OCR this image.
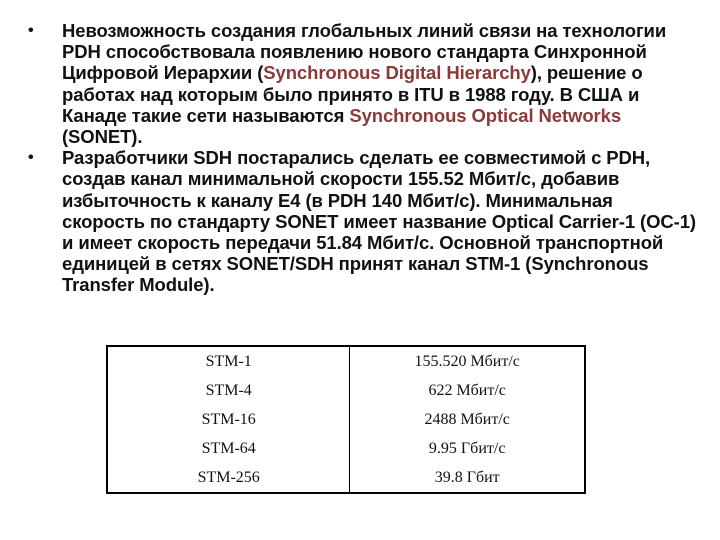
•	Невозможность создания глобальных линий связи на технологии PDH способствовала появлению нового стандарта Синхронной Цифровой Иерархии (Synchronous Digital Hierarchy), решение о работах над которым было принято в ITU в 1988 году. В США и Канаде такие сети называются Synchronous Optical Networks (SONET).
•	Разработчики SDH постарались сделать ее совместимой с PDH, создав канал минимальной скорости 155.52 Мбит/с, добавив избыточность к каналу Е4 (в PDH 140 Мбит/с). Минимальная скорость по стандарту SONET имеет название Optical Carrier-1 (OC-1) и имеет скорость передачи 51.84 Мбит/с. Основной транспортной единицей в сетях SONET/SDH принят канал STM-1 (Synchronous Transfer Module).
STM-1	155.520 Мбит/с
STM-4	622 Мбит/с
STM-16	2488 Мбит/с
STM-64	9.95 Гбит/с
STM-256	39.8 Гбит
